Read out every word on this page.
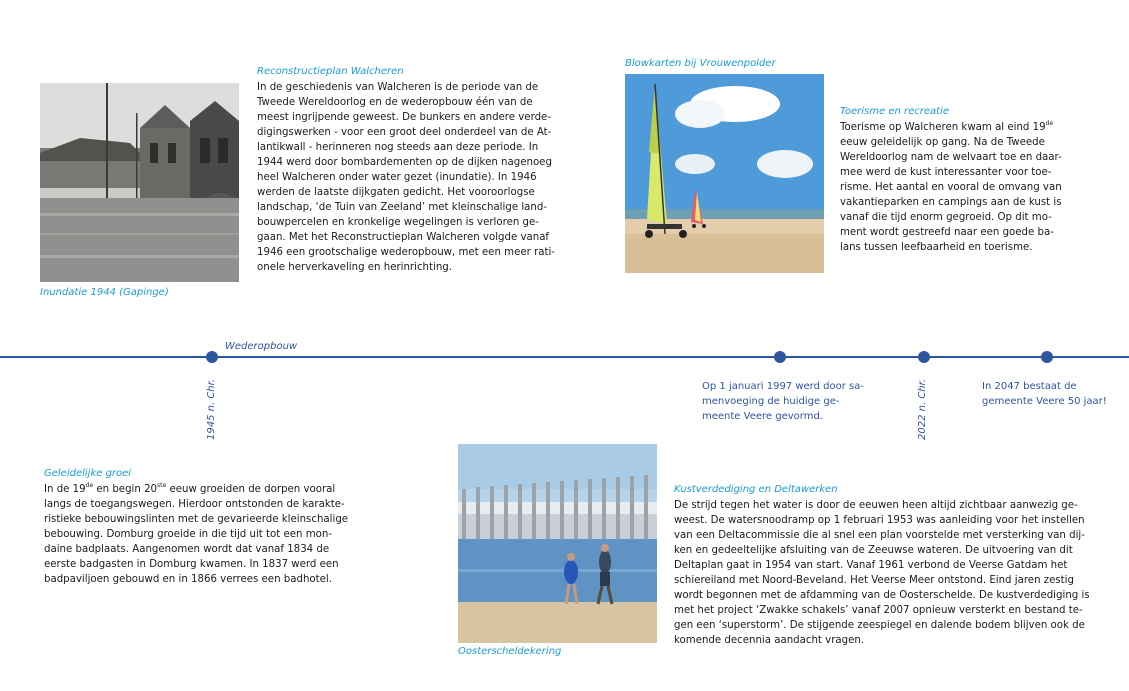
Inundatie 1944 (Gapinge)
Reconstructieplan Walcheren

In de geschiedenis van Walcheren is de periode van de
Tweede Wereldoorlog en de wederopbouw één van de
meest ingrijpende geweest. De bunkers en andere verde-
digingswerken - voor een groot deel onderdeel van de At-
lantikwall - herinneren nog steeds aan deze periode. In
1944 werd door bombardementen op de dijken nagenoeg
heel Walcheren onder water gezet (inundatie). In 1946
werden de laatste dijkgaten gedicht. Het vooroorlogse
landschap, ‘de Tuin van Zeeland’ met kleinschalige land-
bouwpercelen en kronkelige wegelingen is verloren ge-
gaan. Met het Reconstructieplan Walcheren volgde vanaf
1946 een grootschalige wederopbouw, met een meer rati-
onele herverkaveling en herinrichting.

Blowkarten bij Vrouwenpolder
Toerisme en recreatie

Toerisme op Walcheren kwam al eind 19de
eeuw geleidelijk op gang. Na de Tweede
Wereldoorlog nam de welvaart toe en daar-
mee werd de kust interessanter voor toe-
risme. Het aantal en vooral de omvang van
vakantieparken en campings aan de kust is
vanaf die tijd enorm gegroeid. Op dit mo-
ment wordt gestreefd naar een goede ba-
lans tussen leefbaarheid en toerisme.

Wederopbouw
1945 n. Chr.	2022 n. Chr.

Op 1 januari 1997 werd door sa-
menvoeging de huidige ge-
meente Veere gevormd.

In 2047 bestaat de
gemeente Veere 50 jaar!

Geleidelijke groei

In de 19de en begin 20ste eeuw groeiden de dorpen vooral
langs de toegangswegen. Hierdoor ontstonden de karakte-
ristieke bebouwingslinten met de gevarieerde kleinschalige
bebouwing. Domburg groeide in die tijd uit tot een mon-
daine badplaats. Aangenomen wordt dat vanaf 1834 de
eerste badgasten in Domburg kwamen. In 1837 werd een
badpaviljoen gebouwd en in 1866 verrees een badhotel.

Oosterscheldekering
Kustverdediging en Deltawerken

De strijd tegen het water is door de eeuwen heen altijd zichtbaar aanwezig ge-
weest. De watersnoodramp op 1 februari 1953 was aanleiding voor het instellen
van een Deltacommissie die al snel een plan voorstelde met versterking van dij-
ken en gedeeltelijke afsluiting van de Zeeuwse wateren. De uitvoering van dit
Deltaplan gaat in 1954 van start. Vanaf 1961 verbond de Veerse Gatdam het
schiereiland met Noord-Beveland. Het Veerse Meer ontstond. Eind jaren zestig
wordt begonnen met de afdamming van de Oosterschelde. De kustverdediging is
met het project ‘Zwakke schakels’ vanaf 2007 opnieuw versterkt en bestand te-
gen een ‘superstorm’. De stijgende zeespiegel en dalende bodem blijven ook de
komende decennia aandacht vragen.
